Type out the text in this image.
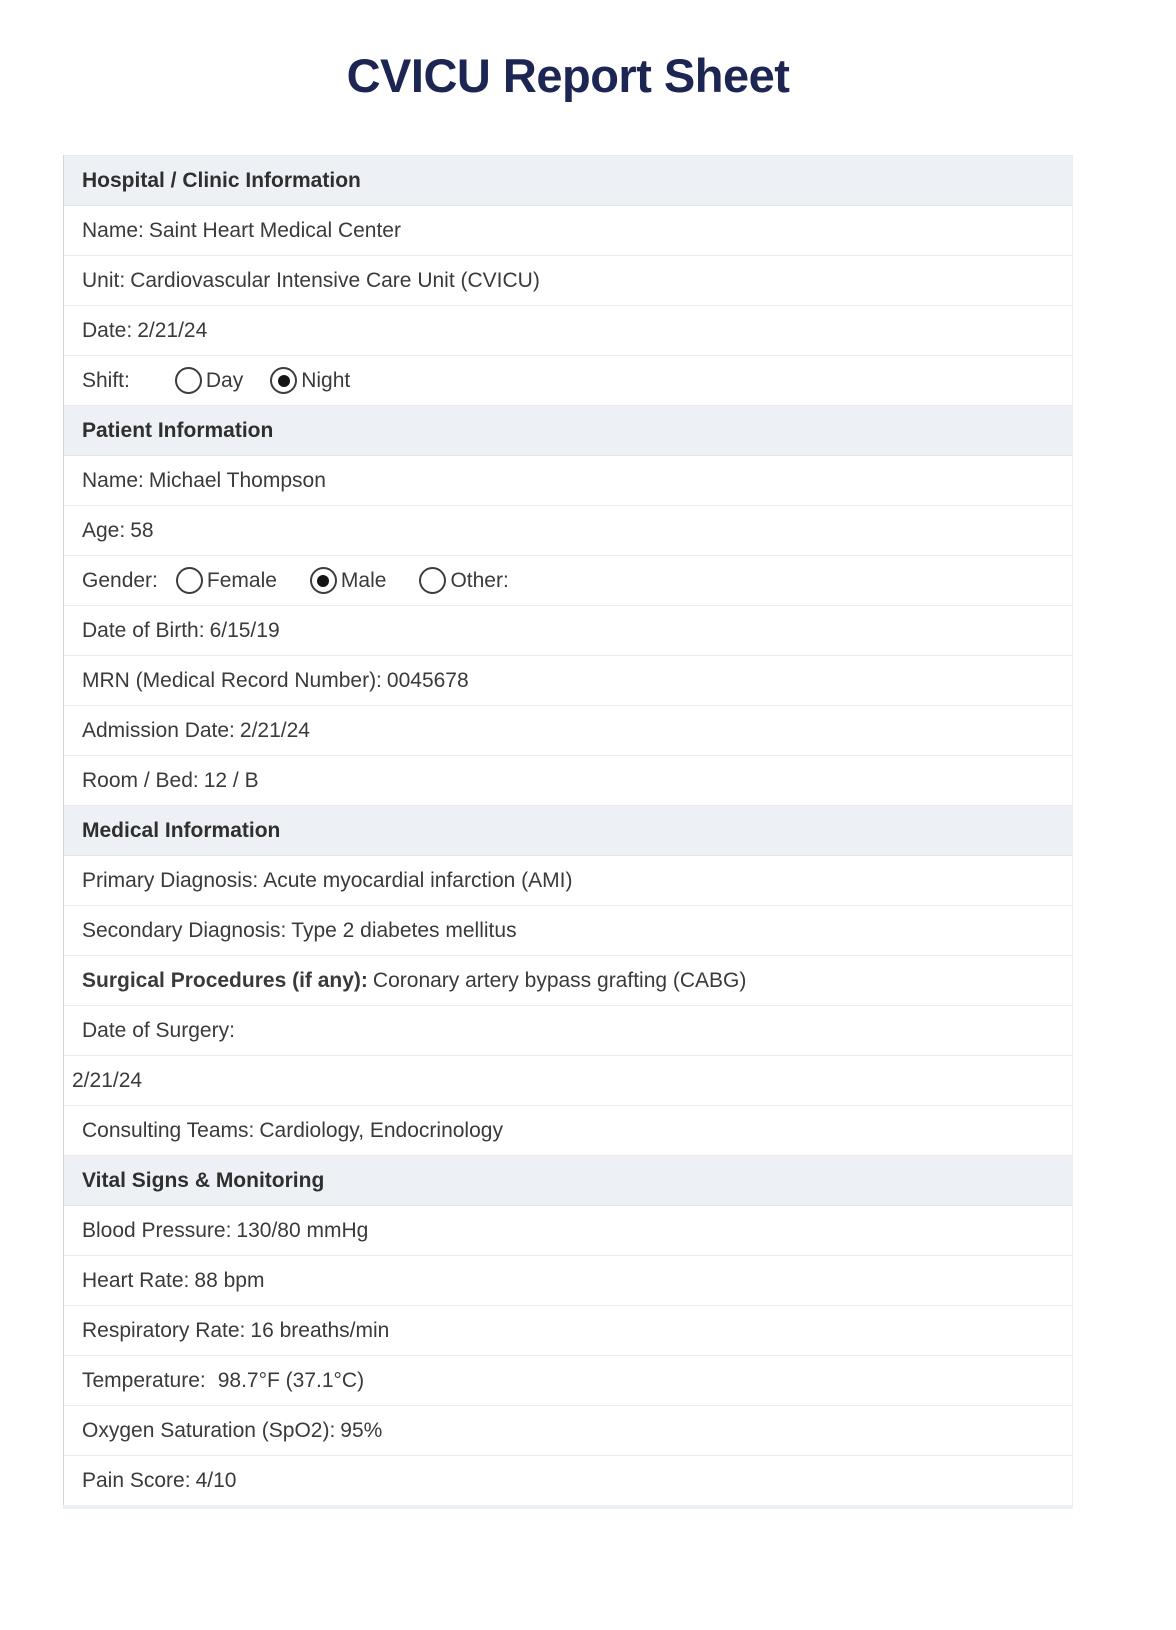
CVICU Report Sheet
Hospital / Clinic Information
Name: Saint Heart Medical Center
Unit: Cardiovascular Intensive Care Unit (CVICU)
Date: 2/21/24
Shift:	Day	Night
Patient Information
Name: Michael Thompson
Age: 58
Gender: Female	Male	Other:
Date of Birth: 6/15/19
MRN (Medical Record Number): 0045678
Admission Date: 2/21/24
Room / Bed: 12 / B
Medical Information
Primary Diagnosis: Acute myocardial infarction (AMI)
Secondary Diagnosis: Type 2 diabetes mellitus
Surgical Procedures (if any): Coronary artery bypass grafting (CABG)
Date of Surgery:
2/21/24
Consulting Teams: Cardiology, Endocrinology
Vital Signs & Monitoring
Blood Pressure: 130/80 mmHg
Heart Rate: 88 bpm
Respiratory Rate: 16 breaths/min
Temperature: 98.7°F (37.1°C)
Oxygen Saturation (SpO2): 95%
Pain Score: 4/10
